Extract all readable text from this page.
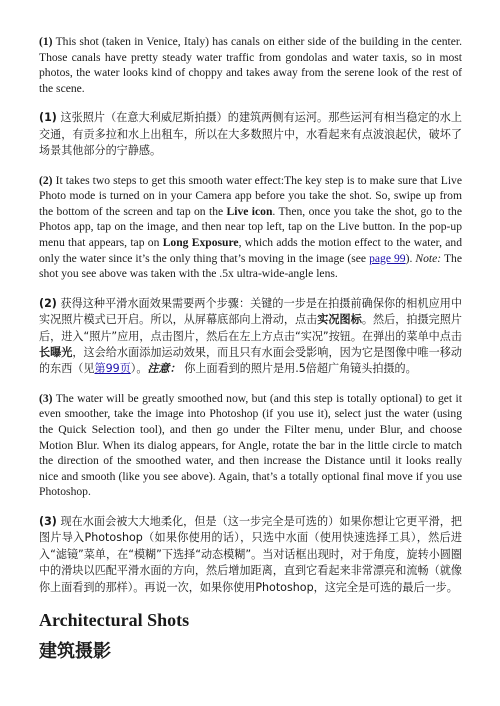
(1) This shot (taken in Venice, Italy) has canals on either side of the building in the center. Those canals have pretty steady water traffic from gondolas and water taxis, so in most photos, the water looks kind of choppy and takes away from the serene look of the rest of the scene.

(1) 这张照片（在意大利威尼斯拍摄）的建筑两侧有运河。那些运河有相当稳定的水上交通，有贡多拉和水上出租车，所以在大多数照片中，水看起来有点波浪起伏，破坏了场景其他部分的宁静感。

(2) It takes two steps to get this smooth water effect:The key step is to make sure that Live Photo mode is turned on in your Camera app before you take the shot. So, swipe up from the bottom of the screen and tap on the Live icon. Then, once you take the shot, go to the Photos app, tap on the image, and then near top left, tap on the Live button. In the pop-up menu that appears, tap on Long Exposure, which adds the motion effect to the water, and only the water since it’s the only thing that’s moving in the image (see page 99). Note: The shot you see above was taken with the .5x ultra-wide-angle lens.

(2) 获得这种平滑水面效果需要两个步骤：关键的一步是在拍摄前确保你的相机应用中实况照片模式已开启。所以，从屏幕底部向上滑动，点击实况图标。然后，拍摄完照片后，进入“照片”应用，点击图片，然后在左上方点击“实况”按钮。在弹出的菜单中点击长曝光，这会给水面添加运动效果，而且只有水面会受影响，因为它是图像中唯一移动的东西（见第99页）。注意： 你上面看到的照片是用.5倍超广角镜头拍摄的。

(3) The water will be greatly smoothed now, but (and this step is totally optional) to get it even smoother, take the image into Photoshop (if you use it), select just the water (using the Quick Selection tool), and then go under the Filter menu, under Blur, and choose Motion Blur. When its dialog appears, for Angle, rotate the bar in the little circle to match the direction of the smoothed water, and then increase the Distance until it looks really nice and smooth (like you see above). Again, that’s a totally optional final move if you use Photoshop.

(3) 现在水面会被大大地柔化，但是（这一步完全是可选的）如果你想让它更平滑，把图片导入Photoshop（如果你使用的话），只选中水面（使用快速选择工具），然后进入“滤镜”菜单，在“模糊”下选择“动态模糊”。当对话框出现时，对于角度，旋转小圆圈中的滑块以匹配平滑水面的方向，然后增加距离，直到它看起来非常漂亮和流畅（就像你上面看到的那样）。再说一次，如果你使用Photoshop，这完全是可选的最后一步。

Architectural Shots
建筑摄影
